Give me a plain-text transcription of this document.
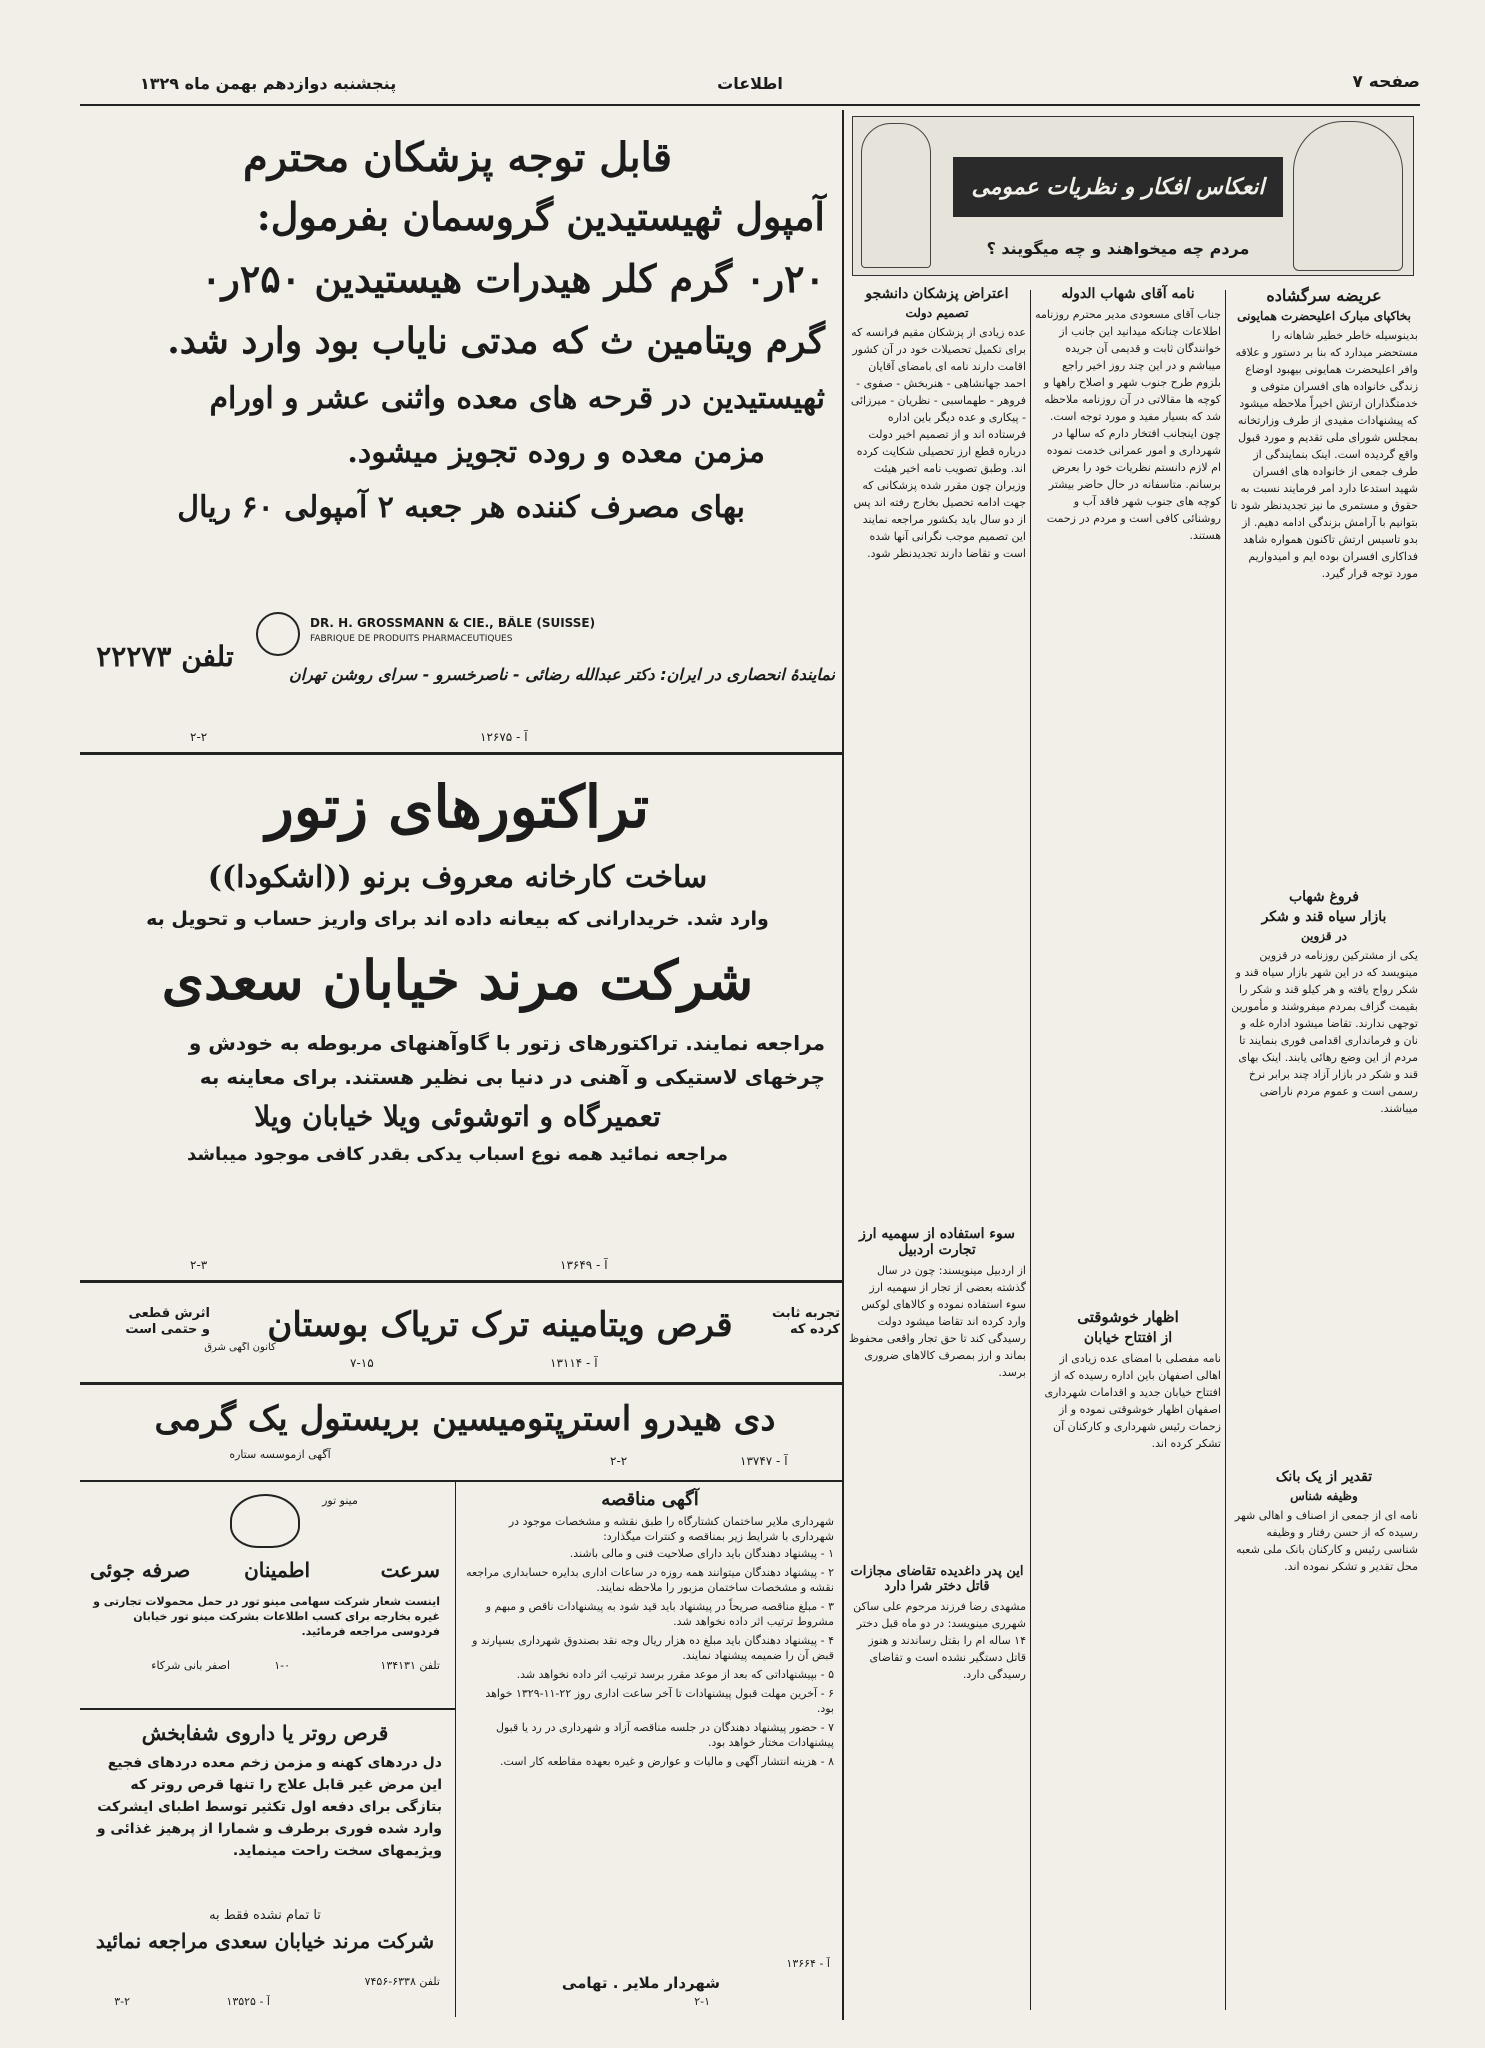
پنجشنبه دوازدهم بهمن ماه ۱۳۲۹	اطلاعات	صفحه ۷
قابل توجه پزشکان محترم
آمپول ثهیستیدین گروسمان بفرمول:
۲۰ر۰ گرم کلر هیدرات هیستیدین ۲۵۰ر۰
گرم ویتامین ث که مدتی نایاب بود وارد شد.
ثهیستیدین در قرحه های معده واثنی عشر و اورام
مزمن معده و روده تجویز میشود.
بهای مصرف کننده هر جعبه ۲ آمپولی ۶۰ ریال
DR. H. GROSSMANN & CIE., BÂLE (SUISSE)
FABRIQUE DE PRODUITS PHARMACEUTIQUES
تلفن ۲۲۲۷۳
نمایندهٔ انحصاری در ایران: دکتر عبدالله رضائی - ناصرخسرو - سرای روشن تهران
آ - ۱۲۶۷۵
۲-۲
تراکتورهای زتور
ساخت کارخانه معروف برنو ((اشکودا))
وارد شد. خریدارانی که بیعانه داده اند برای واریز حساب و تحویل به
شرکت مرند خیابان سعدی
مراجعه نمایند. تراکتورهای زتور با گاوآهنهای مربوطه به خودش و
چرخهای لاستیکی و آهنی در دنیا بی نظیر هستند. برای معاینه به
تعمیرگاه و اتوشوئی ویلا خیابان ویلا
مراجعه نمائید همه نوع اسباب یدکی بقدر کافی موجود میباشد
آ - ۱۳۶۴۹
۲-۳
اثرش قطعی و حتمی است
کانون آگهی شرق
قرص ویتامینه ترک تریاک بوستان	تجربه ثابت کرده که
آ - ۱۳۱۱۴
۷-۱۵
دی هیدرو استرپتومیسین بریستول یک گرمی
آگهی ازموسسه ستاره	آ - ۱۳۷۴۷
۲-۲
مینو تور
سرعت
اطمینان
صرفه جوئی
اینست شعار شرکت سهامی مینو تور در حمل محمولات تجارتی و غیره بخارجه برای کسب اطلاعات بشرکت مینو تور خیابان فردوسی مراجعه فرمائید.
تلفن ۱۳۴۱۳۱
اصفر بانی شرکاء	۱-۰
قرص روتر یا داروی شفابخش
دل دردهای کهنه و مزمن زخم معده دردهای فجیع این مرض غیر قابل علاج را تنها قرص روتر که بتازگی برای دفعه اول تکثیر توسط اطبای ایشرکت وارد شده فوری برطرف و شمارا از پرهیز غذائی و ویژیمهای سخت راحت مینماید.
تا تمام نشده فقط به
شرکت مرند خیابان سعدی مراجعه نمائید
تلفن ۶۳۳۸-۷۴۵۶
آ - ۱۳۵۲۵
۳-۲
آگهی مناقصه
شهرداری ملایر ساختمان کشتارگاه را طبق نقشه و مشخصات موجود در شهرداری با شرایط زیر بمناقصه و کنترات میگذارد:
۱ - پیشنهاد دهندگان باید دارای صلاحیت فنی و مالی باشند.
۲ - پیشنهاد دهندگان میتوانند همه روزه در ساعات اداری بدایره حسابداری مراجعه نقشه و مشخصات ساختمان مزبور را ملاحظه نمایند.
۳ - مبلغ مناقصه صریحاً در پیشنهاد باید قید شود به پیشنهادات ناقص و مبهم و مشروط ترتیب اثر داده نخواهد شد.
۴ - پیشنهاد دهندگان باید مبلغ ده هزار ریال وجه نقد بصندوق شهرداری بسپارند و قبض آن را ضمیمه پیشنهاد نمایند.
۵ - بپیشنهاداتی که بعد از موعد مقرر برسد ترتیب اثر داده نخواهد شد.
۶ - آخرین مهلت قبول پیشنهادات تا آخر ساعت اداری روز ۲۲-۱۱-۱۳۲۹ خواهد بود.
۷ - حضور پیشنهاد دهندگان در جلسه مناقصه آزاد و شهرداری در رد یا قبول پیشنهادات مختار خواهد بود.
۸ - هزینه انتشار آگهی و مالیات و عوارض و غیره بعهده مقاطعه کار است.
شهردار ملایر . تهامی
آ - ۱۳۶۶۴
۲-۱
انعکاس افکار و نظریات عمومی
مردم چه میخواهند و چه میگویند ؟
عریضه سرگشاده
بخاکپای مبارک اعلیحضرت همایونی
بدینوسیله خاطر خطیر شاهانه را مستحضر میدارد که بنا بر دستور و علاقه وافر اعلیحضرت همایونی بیهبود اوضاع زندگی خانواده های افسران متوفی و خدمتگذاران ارتش اخیراً ملاحظه میشود که پیشنهادات مفیدی از طرف وزارتخانه بمجلس شورای ملی تقدیم و مورد قبول واقع گردیده است. اینک بنمایندگی از طرف جمعی از خانواده های افسران شهید استدعا دارد امر فرمایند نسبت به حقوق و مستمری ما نیز تجدیدنظر شود تا بتوانیم با آرامش بزندگی ادامه دهیم. از بدو تاسیس ارتش تاکنون همواره شاهد فداکاری افسران بوده ایم و امیدواریم مورد توجه قرار گیرد.
فروغ شهاب
بازار سیاه قند و شکر
در قزوین
یکی از مشترکین روزنامه در قزوین مینویسد که در این شهر بازار سیاه قند و شکر رواج یافته و هر کیلو قند و شکر را بقیمت گزاف بمردم میفروشند و مأمورین توجهی ندارند. تقاضا میشود اداره غله و نان و فرمانداری اقدامی فوری بنمایند تا مردم از این وضع رهائی یابند. اینک بهای قند و شکر در بازار آزاد چند برابر نرخ رسمی است و عموم مردم ناراضی میباشند.
تقدیر از یک بانک
وظیفه شناس
نامه ای از جمعی از اصناف و اهالی شهر رسیده که از حسن رفتار و وظیفه شناسی رئیس و کارکنان بانک ملی شعبه محل تقدیر و تشکر نموده اند.
نامه آقای شهاب الدوله
جناب آقای مسعودی مدیر محترم روزنامه اطلاعات چنانکه میدانید این جانب از خوانندگان ثابت و قدیمی آن جریده میباشم و در این چند روز اخیر راجع بلزوم طرح جنوب شهر و اصلاح راهها و کوچه ها مقالاتی در آن روزنامه ملاحظه شد که بسیار مفید و مورد توجه است. چون اینجانب افتخار دارم که سالها در شهرداری و امور عمرانی خدمت نموده ام لازم دانستم نظریات خود را بعرض برسانم. متاسفانه در حال حاضر بیشتر کوچه های جنوب شهر فاقد آب و روشنائی کافی است و مردم در زحمت هستند.
اظهار خوشوقتی
از افتتاح خیابان
نامه مفصلی با امضای عده زیادی از اهالی اصفهان باین اداره رسیده که از افتتاح خیابان جدید و اقدامات شهرداری اصفهان اظهار خوشوقتی نموده و از زحمات رئیس شهرداری و کارکنان آن تشکر کرده اند.
اعتراض پزشکان دانشجو
تصمیم دولت
عده زیادی از پزشکان مقیم فرانسه که برای تکمیل تحصیلات خود در آن کشور اقامت دارند نامه ای بامضای آقایان احمد جهانشاهی - هنربخش - صفوی - فروهر - طهماسبی - نظریان - میرزائی - پیکاری و عده دیگر باین اداره فرستاده اند و از تصمیم اخیر دولت درباره قطع ارز تحصیلی شکایت کرده اند. وطبق تصویب نامه اخیر هیئت وزیران چون مقرر شده پزشکانی که جهت ادامه تحصیل بخارج رفته اند پس از دو سال باید بکشور مراجعه نمایند این تصمیم موجب نگرانی آنها شده است و تقاضا دارند تجدیدنظر شود.
سوء استفاده از سهمیه ارز تجارت اردبیل
از اردبیل مینویسند: چون در سال گذشته بعضی از تجار از سهمیه ارز سوء استفاده نموده و کالاهای لوکس وارد کرده اند تقاضا میشود دولت رسیدگی کند تا حق تجار واقعی محفوظ بماند و ارز بمصرف کالاهای ضروری برسد.
این پدر داغدیده تقاضای مجازات قاتل دختر شرا دارد
مشهدی رضا فرزند مرحوم علی ساکن شهرری مینویسد: در دو ماه قبل دختر ۱۴ ساله ام را بقتل رساندند و هنوز قاتل دستگیر نشده است و تقاضای رسیدگی دارد.
